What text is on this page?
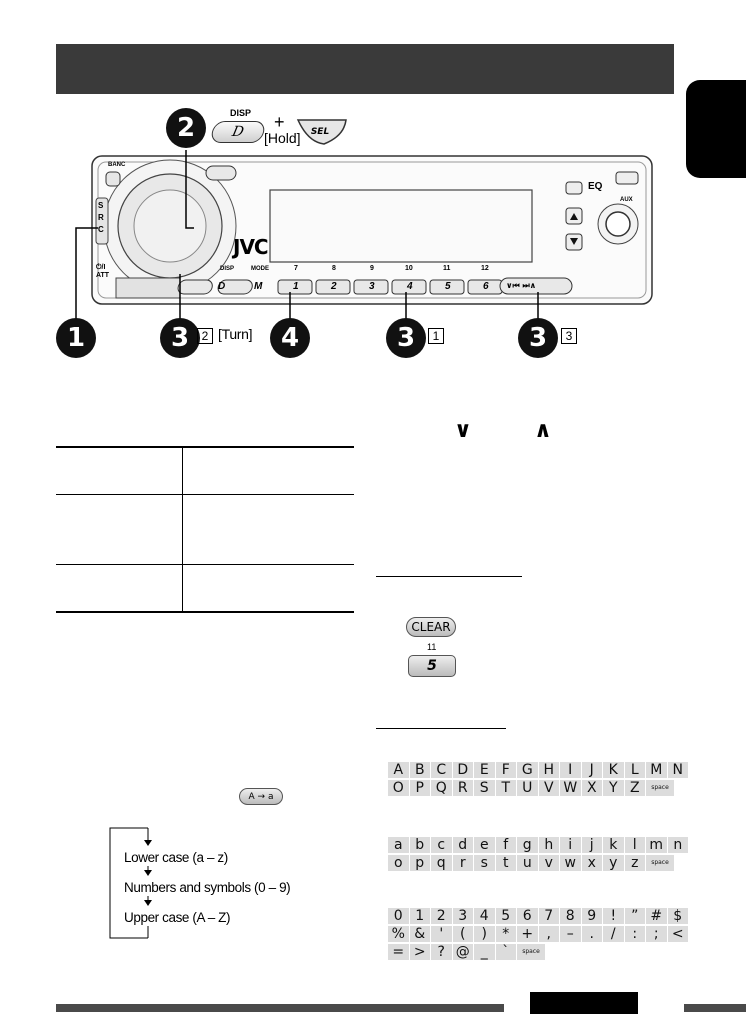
2	DISP
D +
[Hold] SEL
JVC
EQ
AUX
BANC
S R C
⏻/I ATT
DISP	MODE
D	M
7	8	9	10	11	12
1	2	3	4	5	6 ∨⏮ ⏭∧
1	3	2 [Turn]	4	3	1	3	3
∨	∧
CLEAR
11
5
A → a
Lower case (a – z)
Numbers and symbols (0 – 9)
Upper case (A – Z)
A B C D E F G H	I	J	K L M N
O P Q R S T U V W X Y Z	space
a b c d e	f	g h	i	j	k	l m n
o p q	r	s	t	u v w x y z	space
0 1 2 3 4 5 6 7 8 9	!	” # $
% &	'	(	)	* + ,	–	.	/	:	; <
= > ? @ _	`	space
